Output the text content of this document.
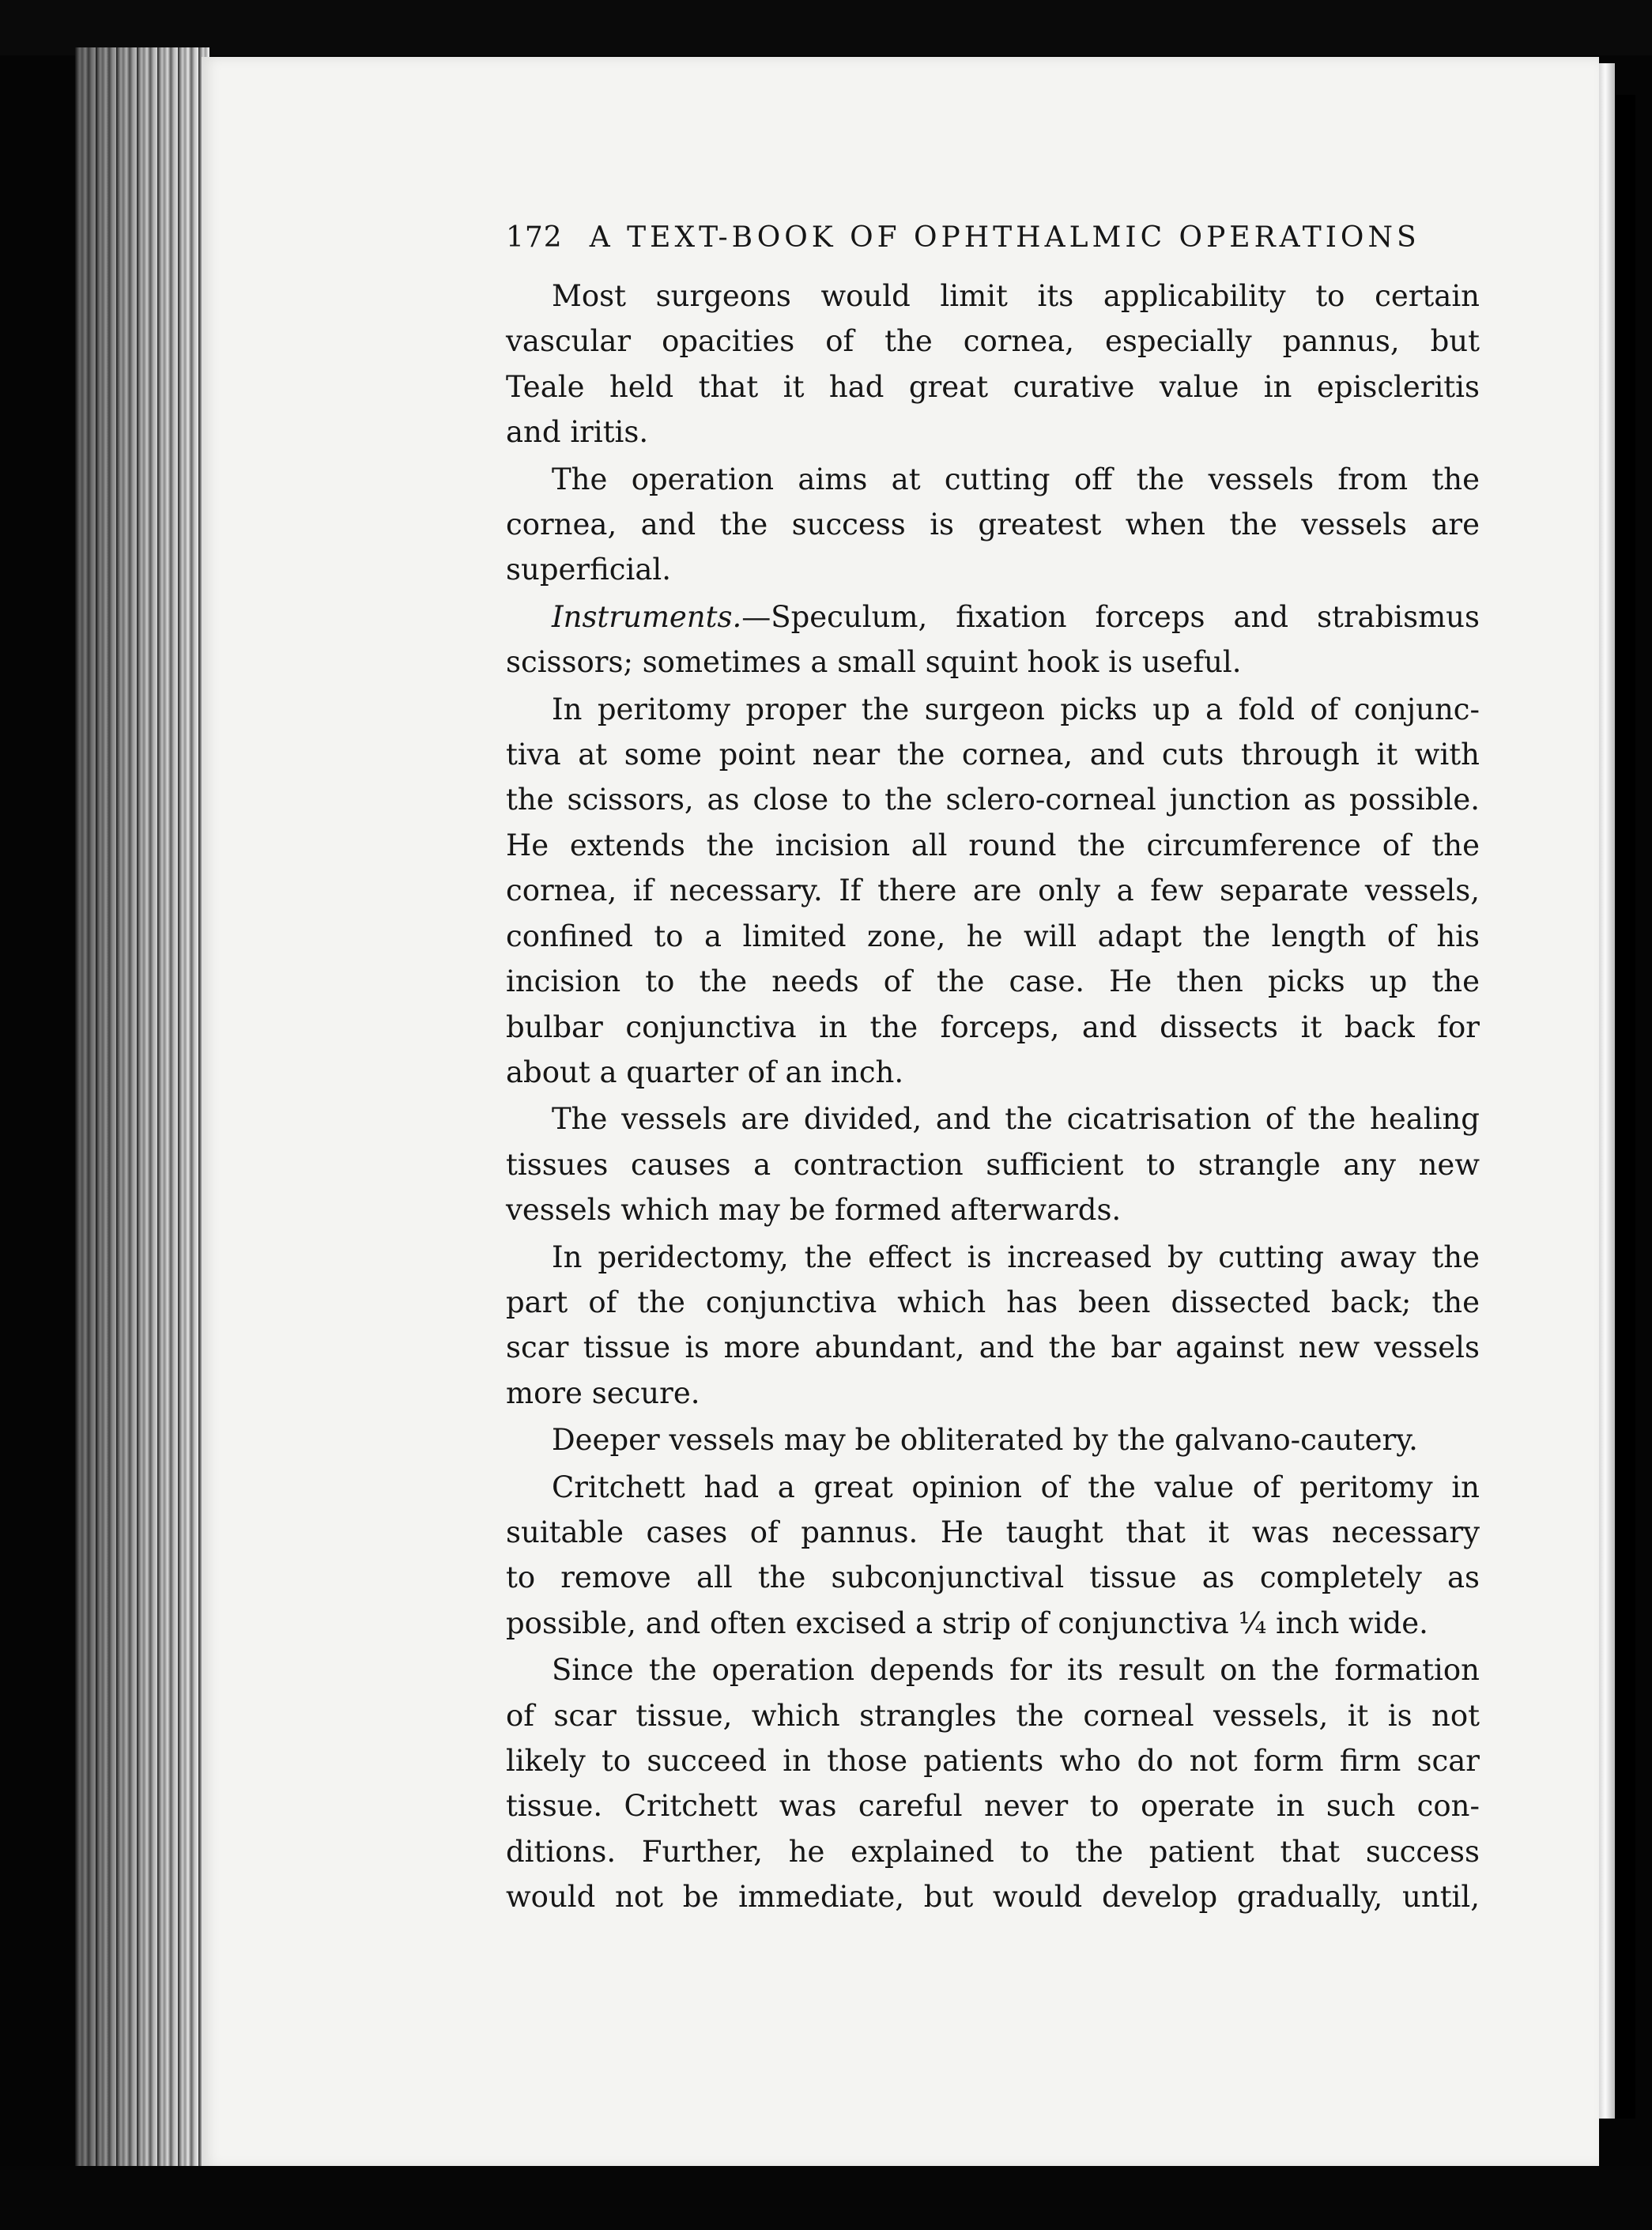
172 A TEXT-BOOK OF OPHTHALMIC OPERATIONS

Most surgeons would limit its applicability to certain
vascular opacities of the cornea, especially pannus, but
Teale held that it had great curative value in episcleritis
and iritis.

The operation aims at cutting off the vessels from the
cornea, and the success is greatest when the vessels are
superficial.

Instruments.—Speculum, fixation forceps and strabismus
scissors; sometimes a small squint hook is useful.

In peritomy proper the surgeon picks up a fold of conjunc-
tiva at some point near the cornea, and cuts through it with
the scissors, as close to the sclero-corneal junction as possible.
He extends the incision all round the circumference of the
cornea, if necessary. If there are only a few separate vessels,
confined to a limited zone, he will adapt the length of his
incision to the needs of the case. He then picks up the
bulbar conjunctiva in the forceps, and dissects it back for
about a quarter of an inch.

The vessels are divided, and the cicatrisation of the healing
tissues causes a contraction sufficient to strangle any new
vessels which may be formed afterwards.

In peridectomy, the effect is increased by cutting away the
part of the conjunctiva which has been dissected back; the
scar tissue is more abundant, and the bar against new vessels
more secure.

Deeper vessels may be obliterated by the galvano-cautery.

Critchett had a great opinion of the value of peritomy in
suitable cases of pannus. He taught that it was necessary
to remove all the subconjunctival tissue as completely as
possible, and often excised a strip of conjunctiva ¼ inch wide.

Since the operation depends for its result on the formation
of scar tissue, which strangles the corneal vessels, it is not
likely to succeed in those patients who do not form firm scar
tissue. Critchett was careful never to operate in such con-
ditions. Further, he explained to the patient that success
would not be immediate, but would develop gradually, until,
